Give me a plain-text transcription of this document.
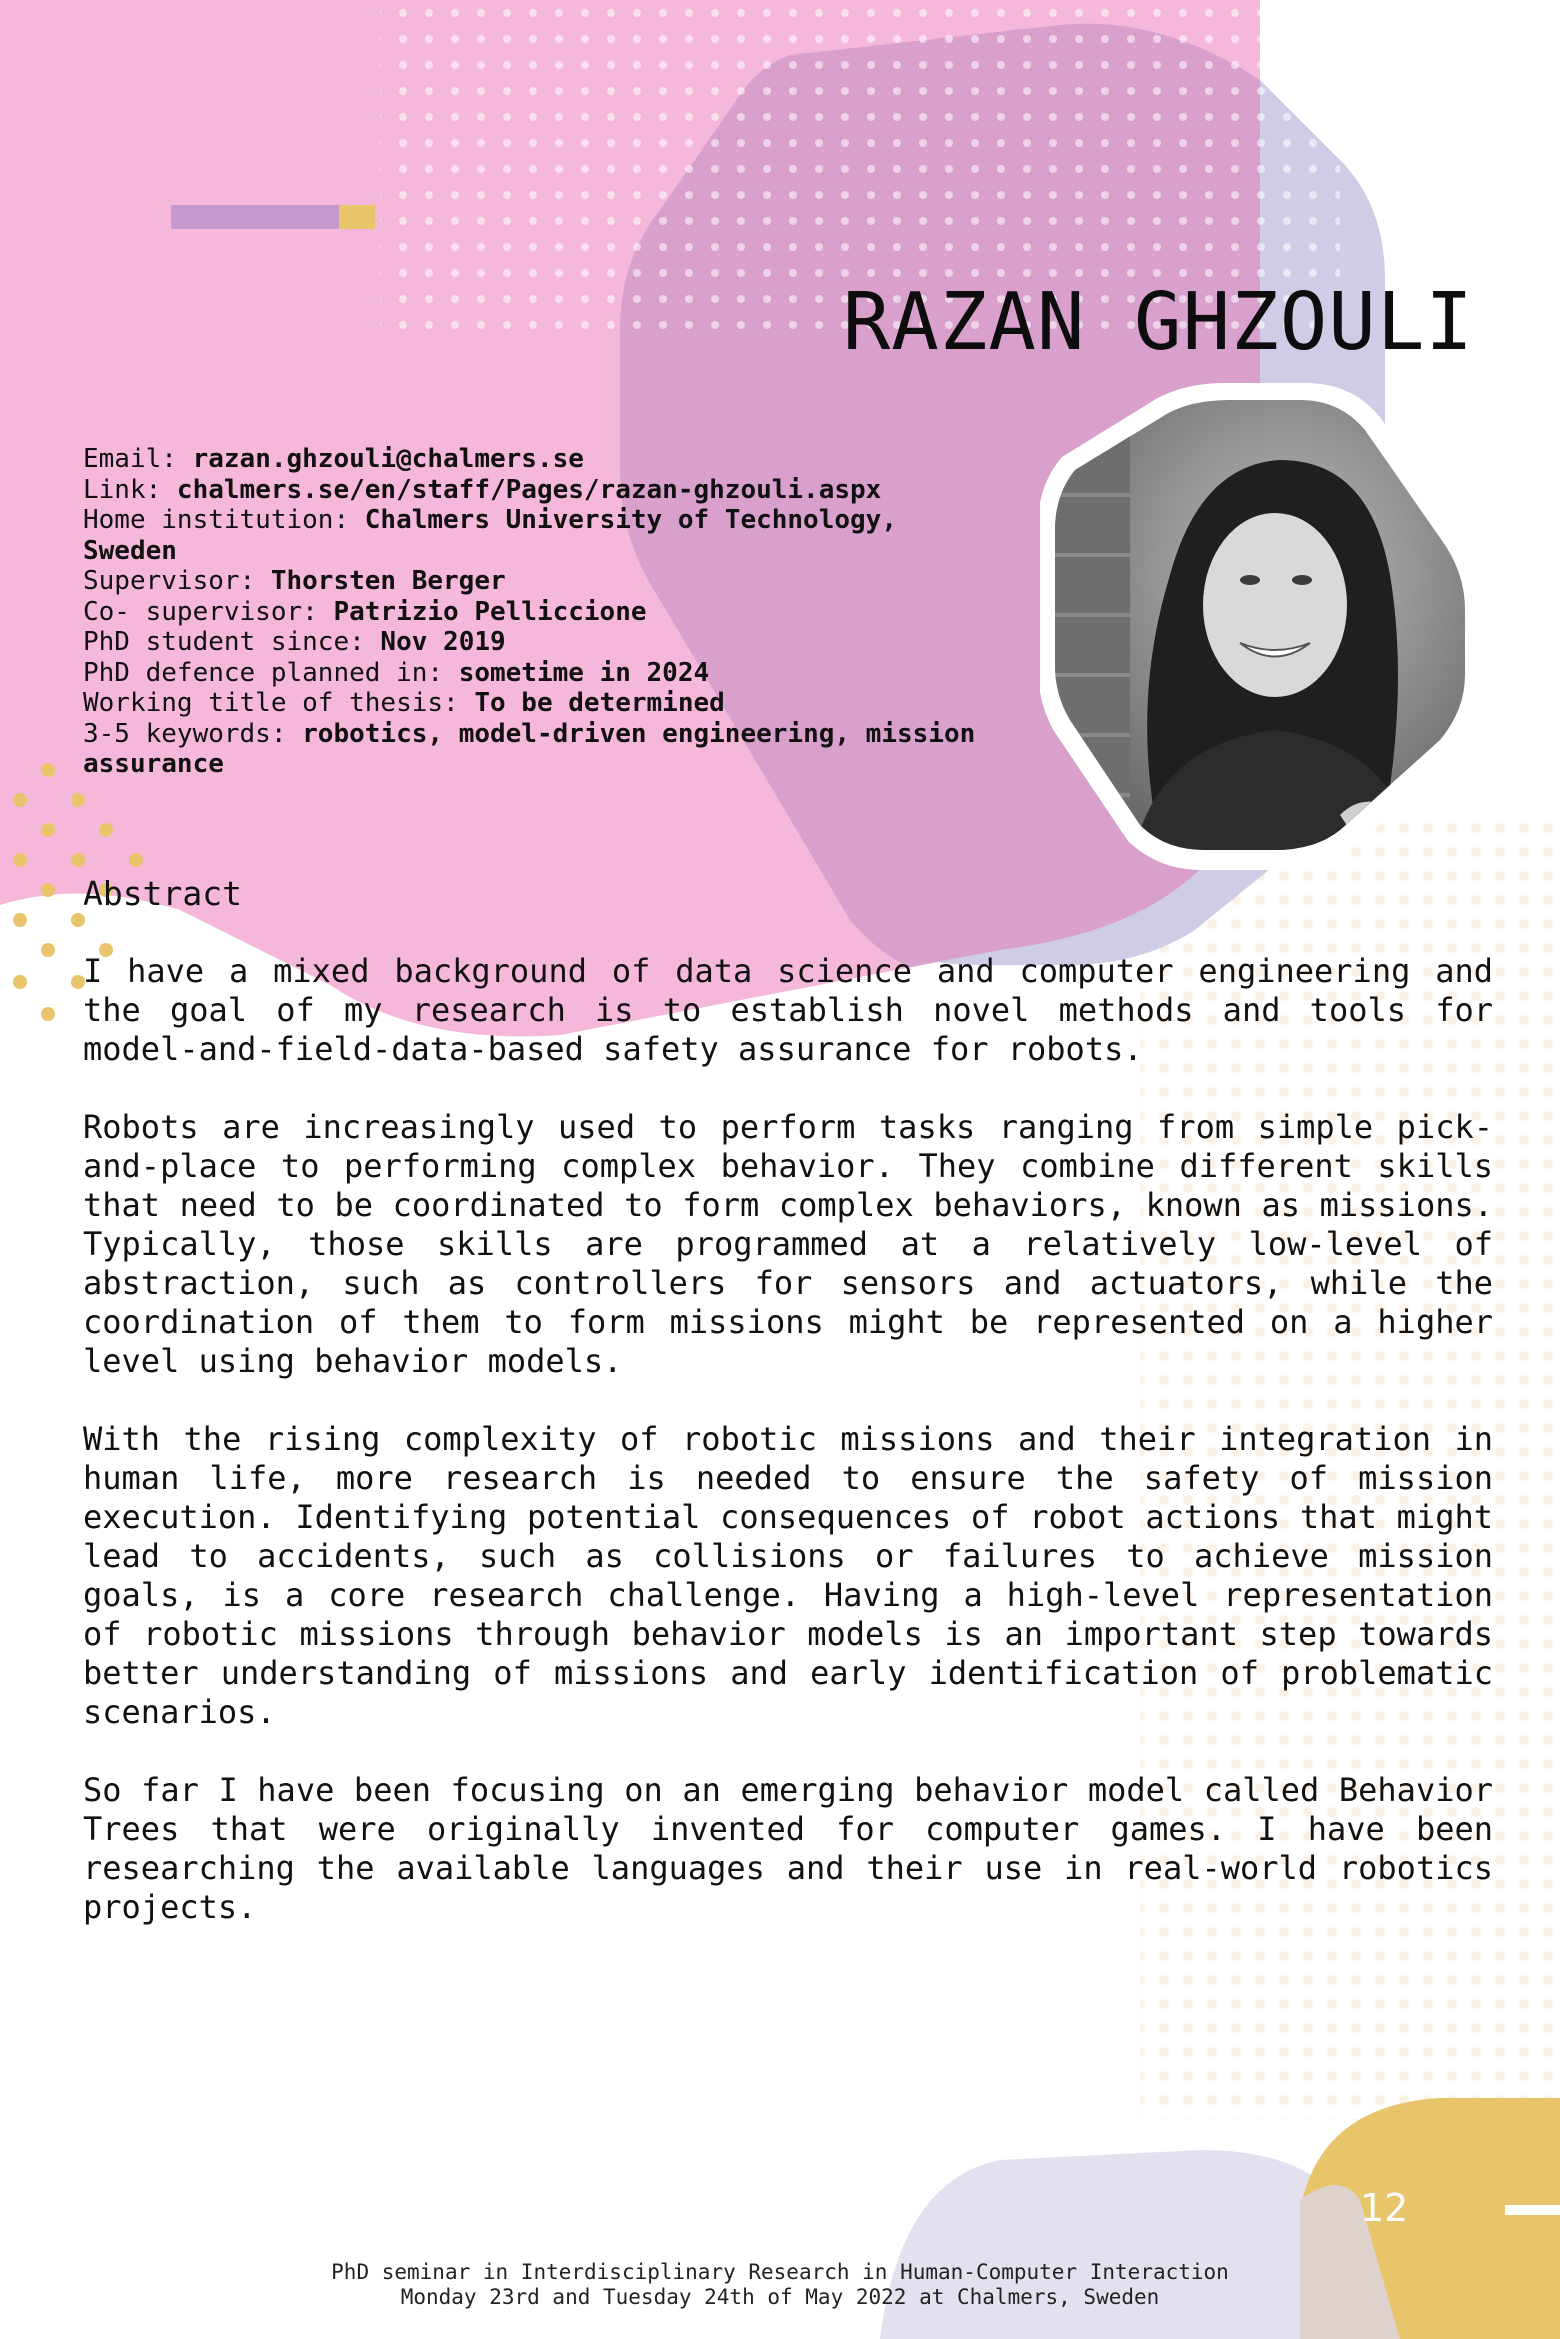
RAZAN GHZOULI
Email: razan.ghzouli@chalmers.se
Link: chalmers.se/en/staff/Pages/razan-ghzouli.aspx
Home institution: Chalmers University of Technology, Sweden
Supervisor: Thorsten Berger
Co- supervisor: Patrizio Pelliccione
PhD student since: Nov 2019
PhD defence planned in: sometime in 2024
Working title of thesis: To be determined
3-5 keywords: robotics, model-driven engineering, mission assurance
Abstract

I have a mixed background of data science and computer engineering and the goal of my research is to establish novel methods and tools for model-and-field-data-based safety assurance for robots.

Robots are increasingly used to perform tasks ranging from simple pick-and-place to performing complex behavior. They combine different skills that need to be coordinated to form complex behaviors, known as missions. Typically, those skills are programmed at a relatively low-level of abstraction, such as controllers for sensors and actuators, while the coordination of them to form missions might be represented on a higher level using behavior models.

With the rising complexity of robotic missions and their integration in human life, more research is needed to ensure the safety of mission execution. Identifying potential consequences of robot actions that might lead to accidents, such as collisions or failures to achieve mission goals, is a core research challenge. Having a high-level representation of robotic missions through behavior models is an important step towards better understanding of missions and early identification of problematic scenarios.

So far I have been focusing on an emerging behavior model called Behavior Trees that were originally invented for computer games. I have been researching the available languages and their use in real-world robotics projects.

12
PhD seminar in Interdisciplinary Research in Human-Computer Interaction
Monday 23rd and Tuesday 24th of May 2022 at Chalmers, Sweden
